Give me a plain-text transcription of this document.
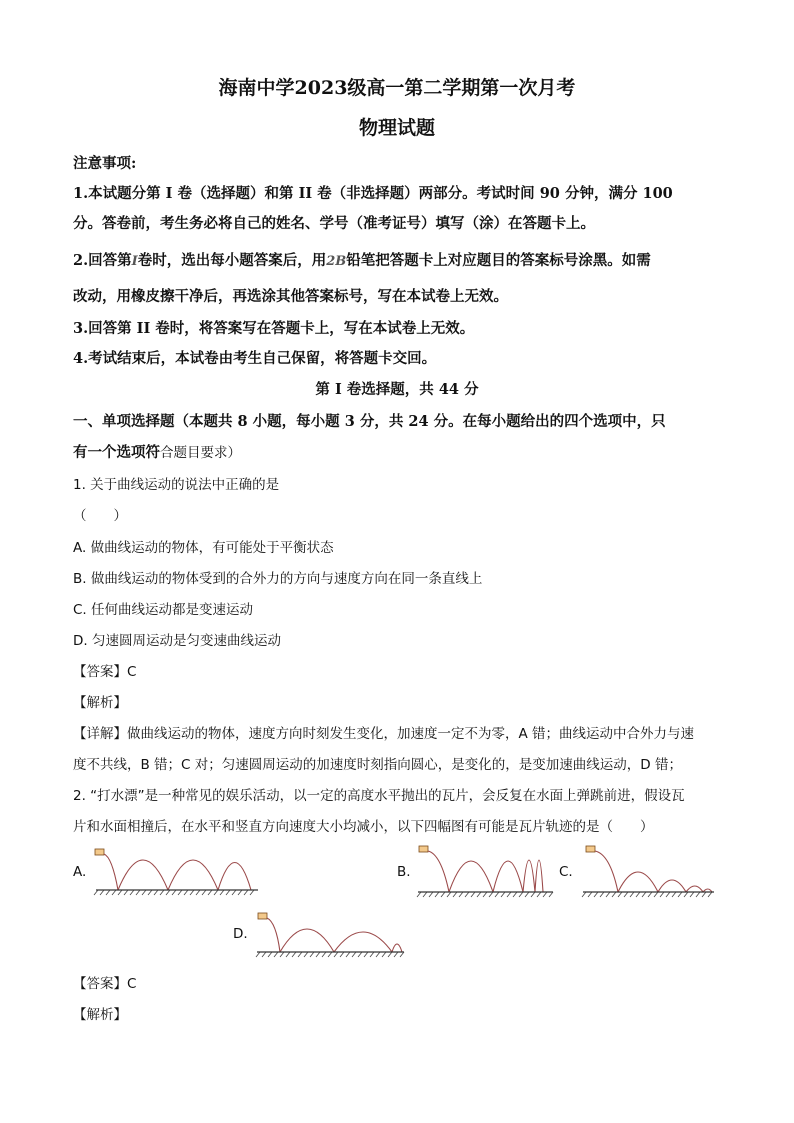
海南中学2023级高一第二学期第一次月考
物理试题
注意事项:
1.本试题分第 I 卷（选择题）和第 II 卷（非选择题）两部分。考试时间 90 分钟，满分 100
分。答卷前，考生务必将自己的姓名、学号（准考证号）填写（涂）在答题卡上。
2.回答第I卷时，选出每小题答案后，用2B铅笔把答题卡上对应题目的答案标号涂黑。如需
改动，用橡皮擦干净后，再选涂其他答案标号，写在本试卷上无效。
3.回答第 II 卷时，将答案写在答题卡上，写在本试卷上无效。
4.考试结束后，本试卷由考生自己保留，将答题卡交回。
第 I 卷选择题，共 44 分
一、单项选择题（本题共 8 小题，每小题 3 分，共 24 分。在每小题给出的四个选项中，只
有一个选项符合题目要求）
1. 关于曲线运动的说法中正确的是
（　　）
A. 做曲线运动的物体，有可能处于平衡状态
B. 做曲线运动的物体受到的合外力的方向与速度方向在同一条直线上
C. 任何曲线运动都是变速运动
D. 匀速圆周运动是匀变速曲线运动
【答案】C
【解析】
【详解】做曲线运动的物体，速度方向时刻发生变化，加速度一定不为零，A 错；曲线运动中合外力与速
度不共线，B 错；C 对；匀速圆周运动的加速度时刻指向圆心，是变化的，是变加速曲线运动，D 错；
2. “打水漂”是一种常见的娱乐活动，以一定的高度水平抛出的瓦片，会反复在水面上弹跳前进，假设瓦
片和水面相撞后，在水平和竖直方向速度大小均减小，以下四幅图有可能是瓦片轨迹的是（　　）
A.	B.	C.
D.
【答案】C
【解析】
